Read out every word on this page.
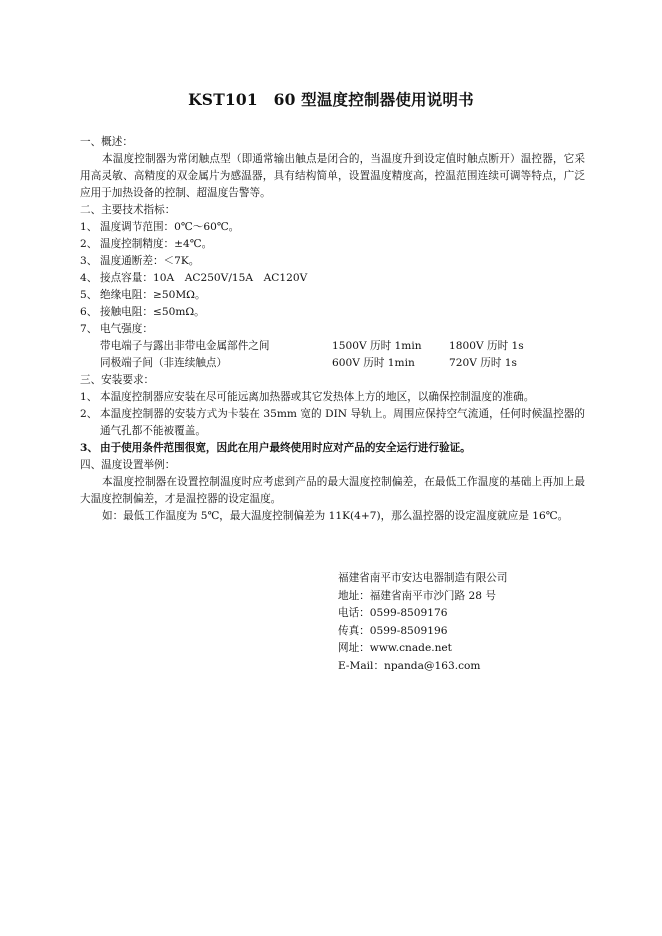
KST101　60 型温度控制器使用说明书
一、概述：
本温度控制器为常闭触点型（即通常输出触点是闭合的，当温度升到设定值时触点断开）温控器，它采用高灵敏、高精度的双金属片为感温器，具有结构简单，设置温度精度高，控温范围连续可调等特点，广泛应用于加热设备的控制、超温度告警等。
二、主要技术指标：
1、 温度调节范围：0℃～60℃。
2、 温度控制精度：±4℃。
3、 温度通断差：＜7K。
4、 接点容量：10A　AC250V/15A　AC120V
5、 绝缘电阻：≥50MΩ。
6、 接触电阻：≤50mΩ。
7、 电气强度：
带电端子与露出非带电金属部件之间	1500V 历时 1min	1800V 历时 1s
同极端子间（非连续触点）	600V 历时 1min	720V 历时 1s
三、安装要求：
1、 本温度控制器应安装在尽可能远离加热器或其它发热体上方的地区，以确保控制温度的准确。
2、 本温度控制器的安装方式为卡装在 35mm 宽的 DIN 导轨上。周围应保持空气流通，任何时候温控器的通气孔都不能被覆盖。
3、 由于使用条件范围很宽，因此在用户最终使用时应对产品的安全运行进行验证。
四、温度设置举例：
本温度控制器在设置控制温度时应考虑到产品的最大温度控制偏差，在最低工作温度的基础上再加上最大温度控制偏差，才是温控器的设定温度。
如：最低工作温度为 5℃，最大温度控制偏差为 11K(4+7)，那么温控器的设定温度就应是 16℃。
福建省南平市安达电器制造有限公司
地址：福建省南平市沙门路 28 号
电话：0599-8509176
传真：0599-8509196
网址：www.cnade.net
E-Mail：npanda@163.com
